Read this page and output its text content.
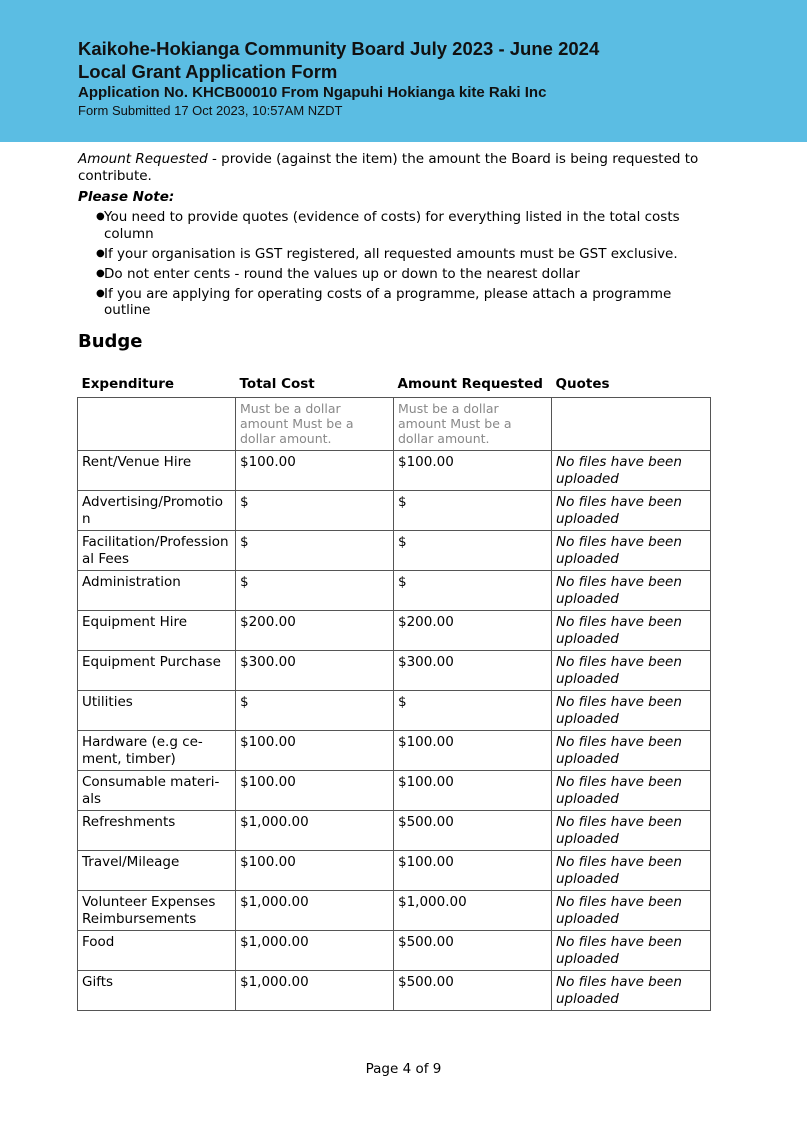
Kaikohe-Hokianga Community Board July 2023 - June 2024
Local Grant Application Form
Application No. KHCB00010 From Ngapuhi Hokianga kite Raki Inc
Form Submitted 17 Oct 2023, 10:57AM NZDT
Amount Requested - provide (against the item) the amount the Board is being requested to contribute.
Please Note:
● You need to provide quotes (evidence of costs) for everything listed in the total costs column
● If your organisation is GST registered, all requested amounts must be GST exclusive.
● Do not enter cents - round the values up or down to the nearest dollar
● If you are applying for operating costs of a programme, please attach a programme outline
Budge
Expenditure	Total Cost	Amount Requested	Quotes
	Must be a dollar amount Must be a dollar amount.	Must be a dollar amount Must be a dollar amount.	
Rent/Venue Hire	$100.00	$100.00	No files have been uploaded
Advertising/Promotio n	$	$	No files have been uploaded
Facilitation/Profession al Fees	$	$	No files have been uploaded
Administration	$	$	No files have been uploaded
Equipment Hire	$200.00	$200.00	No files have been uploaded
Equipment Purchase	$300.00	$300.00	No files have been uploaded
Utilities	$	$	No files have been uploaded
Hardware (e.g ce- ment, timber)	$100.00	$100.00	No files have been uploaded
Consumable materi- als	$100.00	$100.00	No files have been uploaded
Refreshments	$1,000.00	$500.00	No files have been uploaded
Travel/Mileage	$100.00	$100.00	No files have been uploaded
Volunteer Expenses Reimbursements	$1,000.00	$1,000.00	No files have been uploaded
Food	$1,000.00	$500.00	No files have been uploaded
Gifts	$1,000.00	$500.00	No files have been uploaded
Page 4 of 9
